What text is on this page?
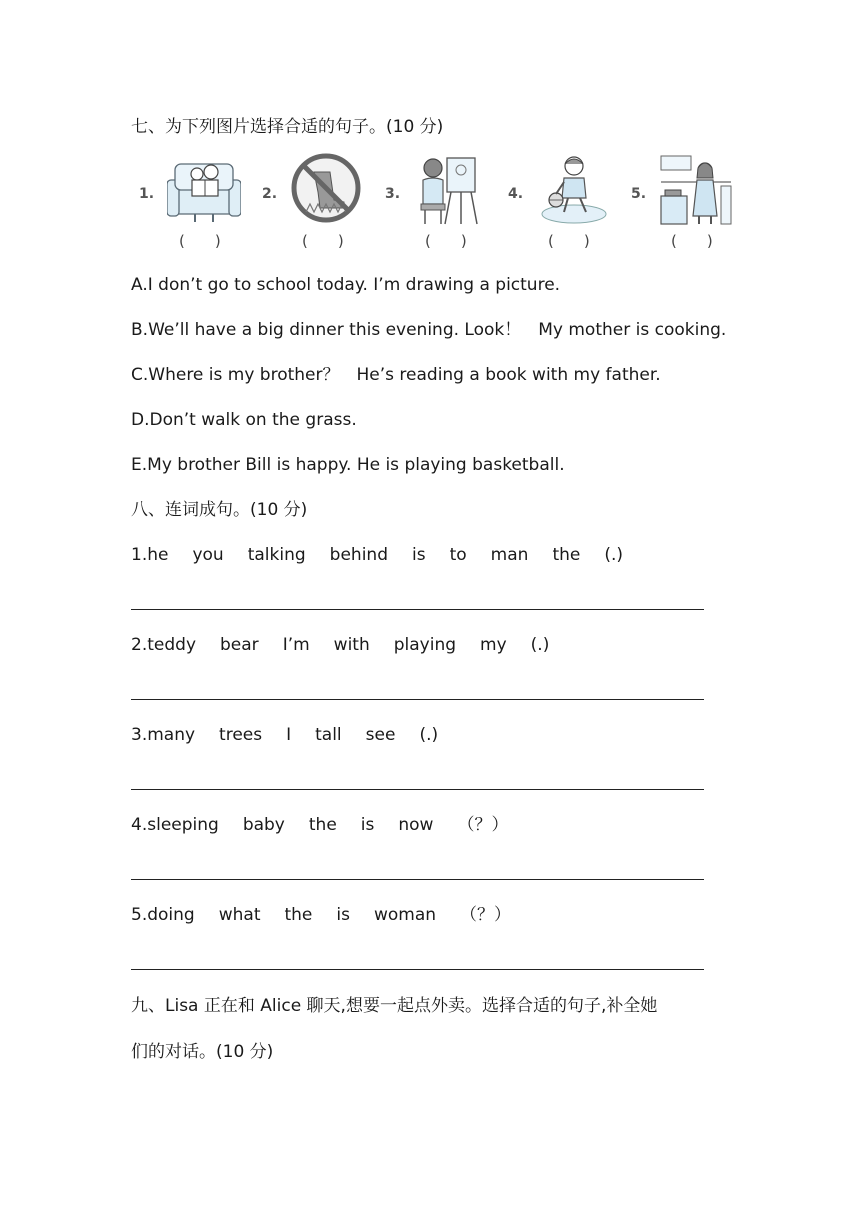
七、为下列图片选择合适的句子。(10 分)
1.
(　　)
2.
(　　)
3.
(　　)
4.
(　　)
5.
(　　)
A.I don’t go to school today. I’m drawing a picture.
B.We’ll have a big dinner this evening. Look！　My mother is cooking.
C.Where is my brother？　He’s reading a book with my father.
D.Don’t walk on the grass.
E.My brother Bill is happy. He is playing basketball.
八、连词成句。(10 分)
1.he you talking behind is to man the (.)
2.teddy bear I’m with playing my (.)
3.many trees I tall see (.)
4.sleeping baby the is now （？）
5.doing what the is woman （？）
九、Lisa 正在和 Alice 聊天,想要一起点外卖。选择合适的句子,补全她
们的对话。(10 分)
